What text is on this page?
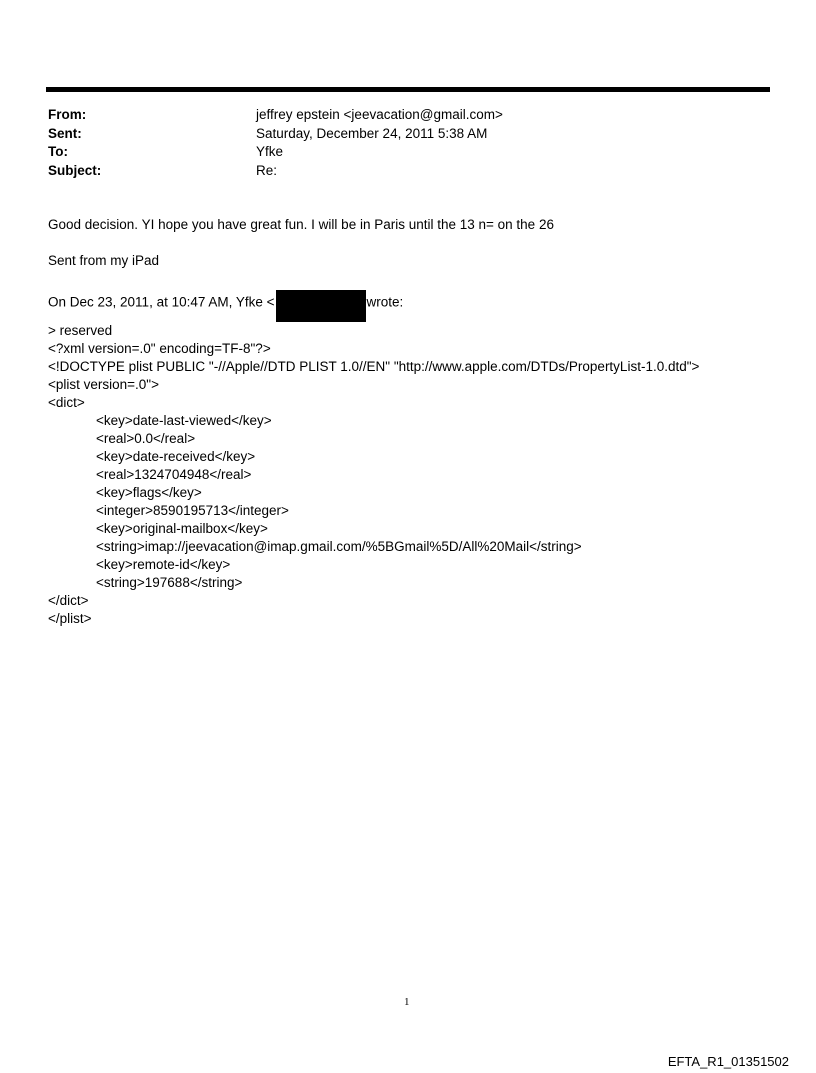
From:	jeffrey epstein <jeevacation@gmail.com>
Sent:	Saturday, December 24, 2011 5:38 AM
To:	Yfke
Subject:	Re:
Good decision. YI hope you have great fun. I will be in Paris until the 13 n= on the 26
Sent from my iPad
On Dec 23, 2011, at 10:47 AM, Yfke <	wrote:
> reserved
<?xml version=.0" encoding=TF-8"?>
<!DOCTYPE plist PUBLIC "-//Apple//DTD PLIST 1.0//EN" "http://www.apple.com/DTDs/PropertyList-1.0.dtd">
<plist version=.0">
<dict>
<key>date-last-viewed</key>
<real>0.0</real>
<key>date-received</key>
<real>1324704948</real>
<key>flags</key>
<integer>8590195713</integer>
<key>original-mailbox</key>
<string>imap://jeevacation@imap.gmail.com/%5BGmail%5D/All%20Mail</string>
<key>remote-id</key>
<string>197688</string>
</dict>
</plist>
1
EFTA_R1_01351502
